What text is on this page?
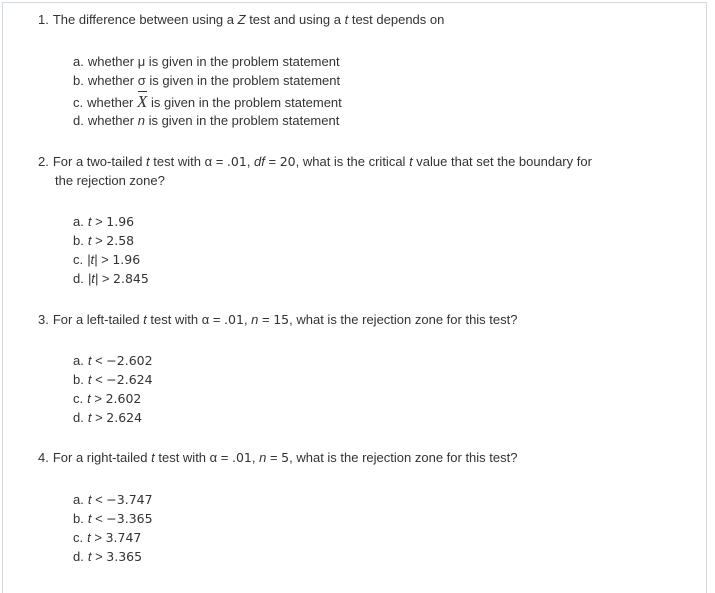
1. The difference between using a Z test and using a t test depends on
a. whether μ is given in the problem statement
b. whether σ is given in the problem statement
c. whether X is given in the problem statement
d. whether n is given in the problem statement
2. For a two-tailed t test with α = .01, df = 20, what is the critical t value that set the boundary for
the rejection zone?
a. t > 1.96
b. t > 2.58
c. |t| > 1.96
d. |t| > 2.845
3. For a left-tailed t test with α = .01, n = 15, what is the rejection zone for this test?
a. t < −2.602
b. t < −2.624
c. t > 2.602
d. t > 2.624
4. For a right-tailed t test with α = .01, n = 5, what is the rejection zone for this test?
a. t < −3.747
b. t < −3.365
c. t > 3.747
d. t > 3.365
